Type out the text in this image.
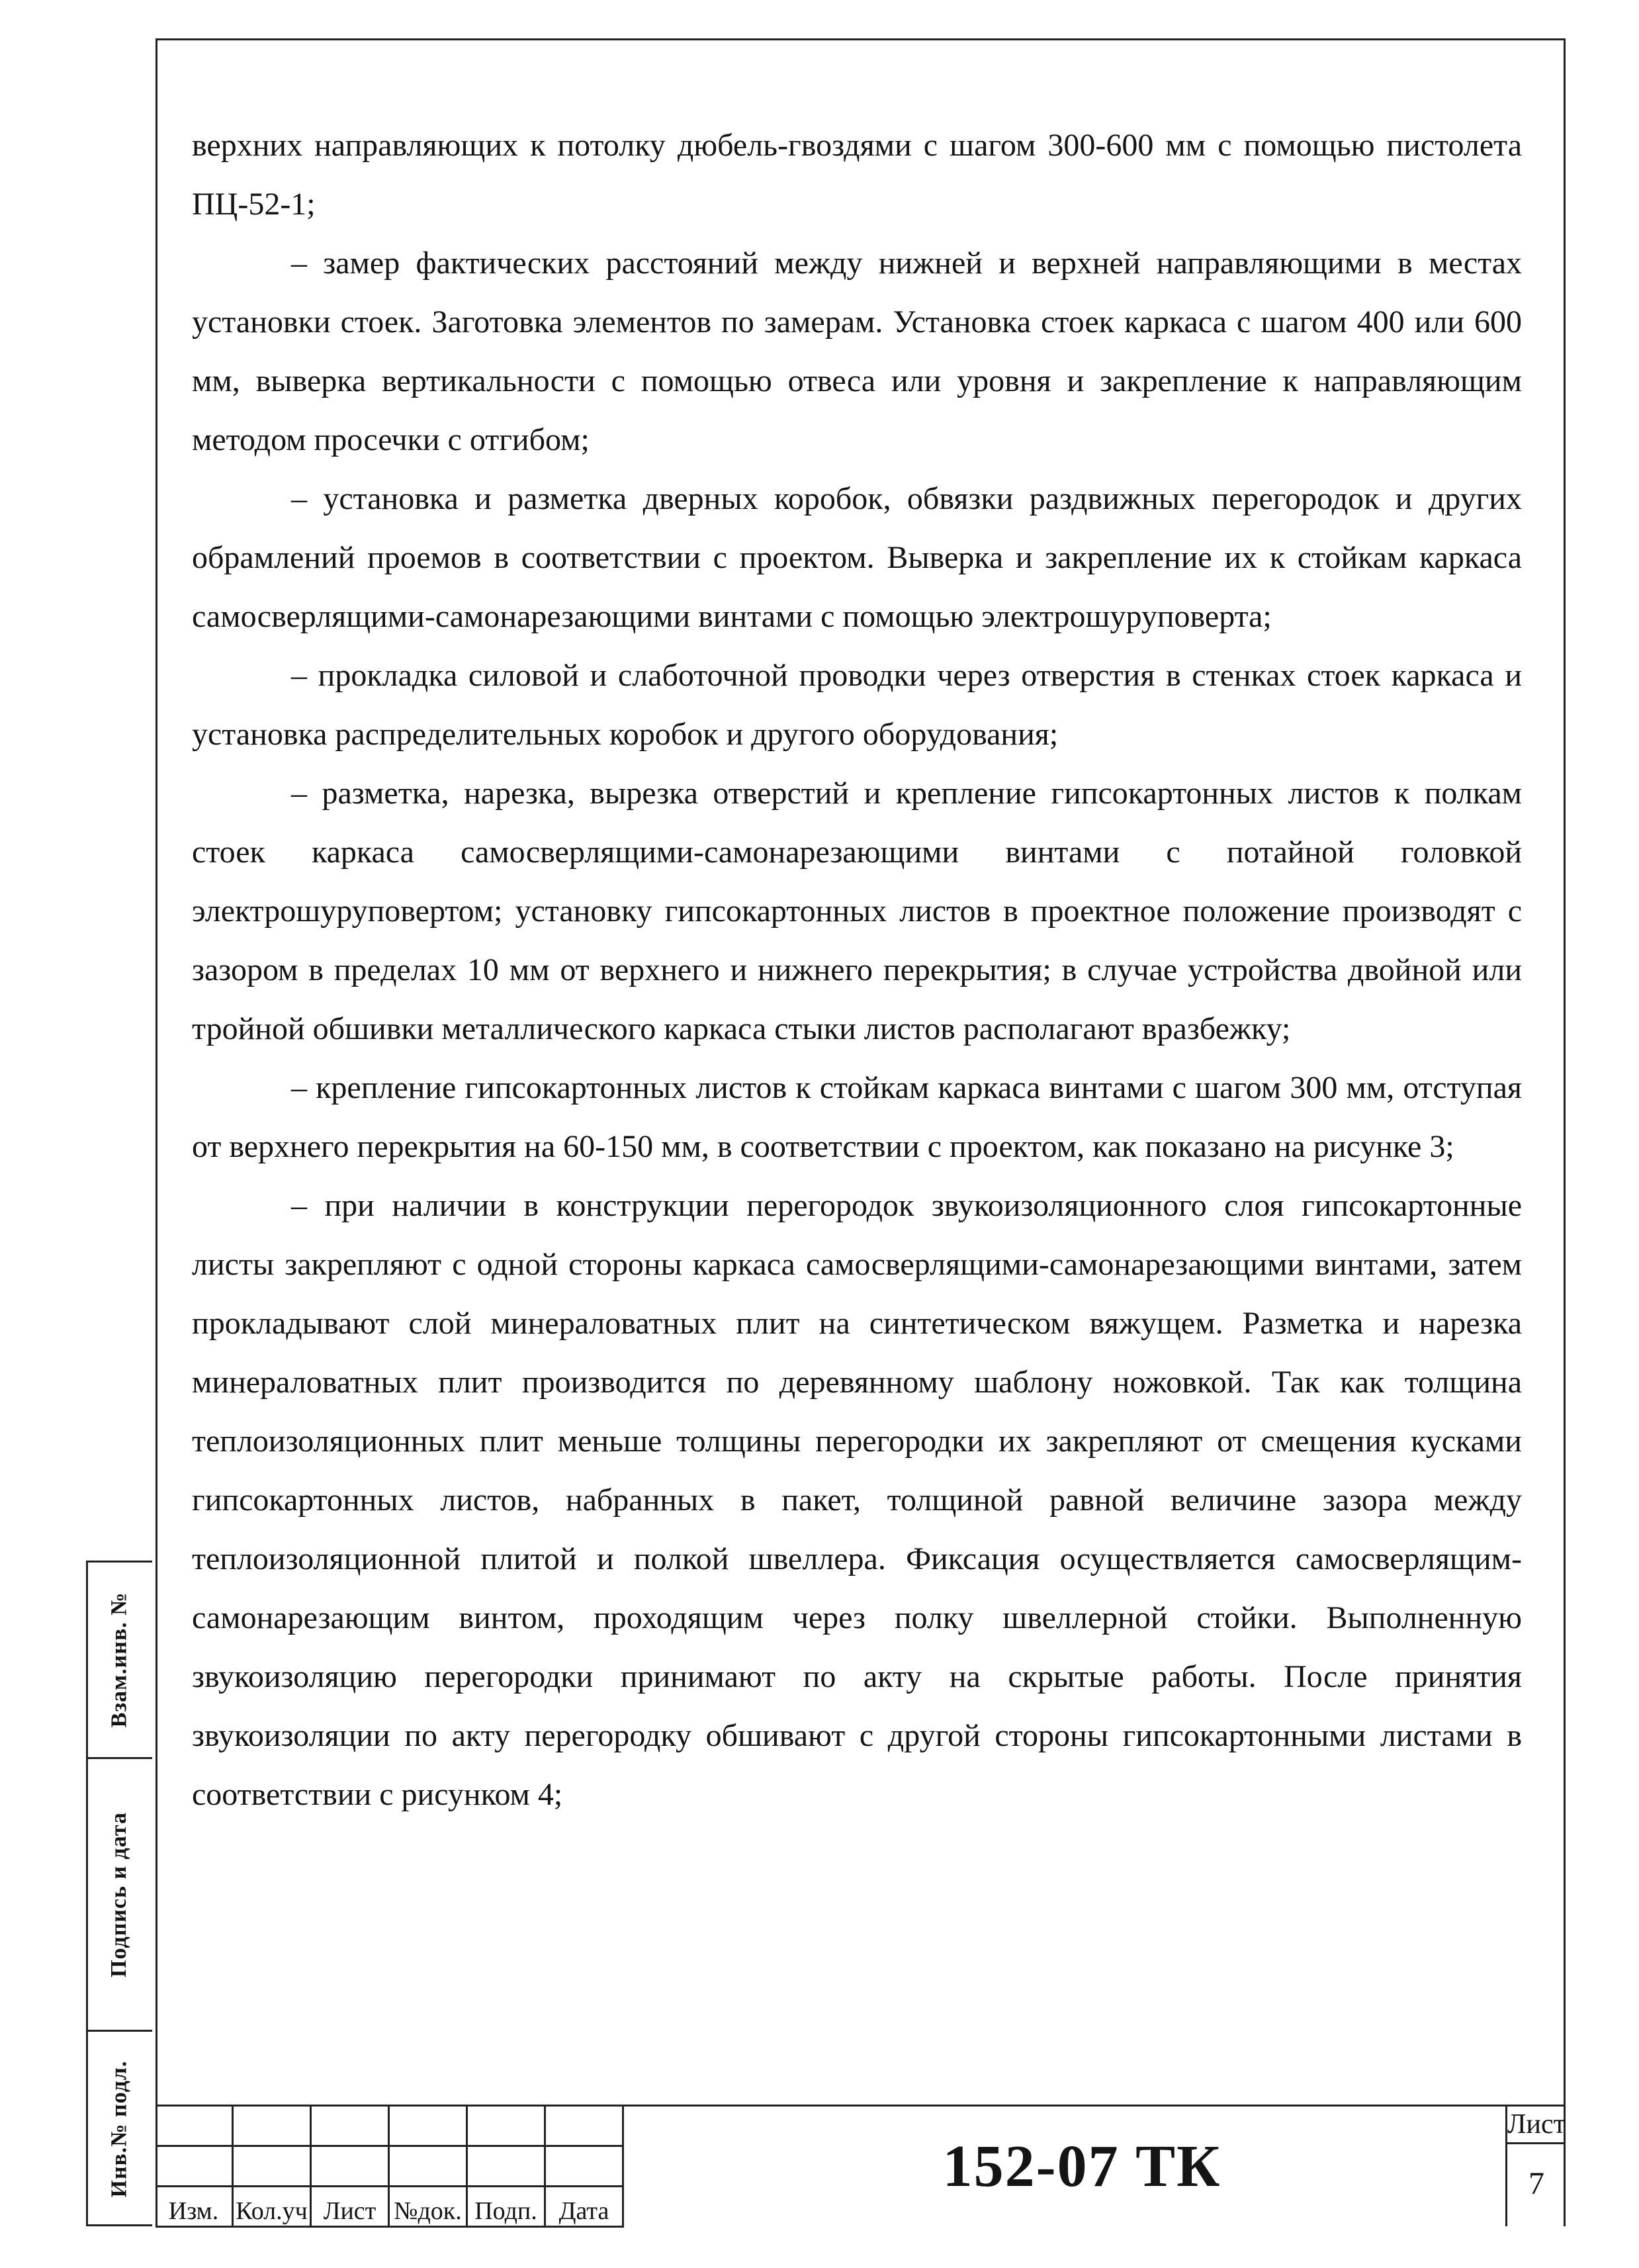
верхних направляющих к потолку дюбель-гвоздями с шагом 300-600 мм с помощью пистолета ПЦ-52-1;

– замер фактических расстояний между нижней и верхней направляющими в местах установки стоек. Заготовка элементов по замерам. Установка стоек каркаса с шагом 400 или 600 мм, выверка вертикальности с помощью отвеса или уровня и закрепление к направляющим методом просечки с отгибом;

– установка и разметка дверных коробок, обвязки раздвижных перегородок и других обрамлений проемов в соответствии с проектом. Выверка и закрепление их к стойкам каркаса самосверлящими-самонарезающими винтами с помощью электрошуруповерта;

– прокладка силовой и слаботочной проводки через отверстия в стенках стоек каркаса и установка распределительных коробок и другого оборудования;

– разметка, нарезка, вырезка отверстий и крепление гипсокартонных листов к полкам стоек каркаса самосверлящими-самонарезающими винтами с потайной головкой электрошуруповертом; установку гипсокартонных листов в проектное положение производят с зазором в пределах 10 мм от верхнего и нижнего перекрытия; в случае устройства двойной или тройной обшивки металлического каркаса стыки листов располагают вразбежку;

– крепление гипсокартонных листов к стойкам каркаса винтами с шагом 300 мм, отступая от верхнего перекрытия на 60-150 мм, в соответствии с проектом, как показано на рисунке 3;

– при наличии в конструкции перегородок звукоизоляционного слоя гипсокартонные листы закрепляют с одной стороны каркаса самосверлящими-самонарезающими винтами, затем прокладывают слой минераловатных плит на синтетическом вяжущем. Разметка и нарезка минераловатных плит производится по деревянному шаблону ножовкой. Так как толщина теплоизоляционных плит меньше толщины перегородки их закрепляют от смещения кусками гипсокартонных листов, набранных в пакет, толщиной равной величине зазора между теплоизоляционной плитой и полкой швеллера. Фиксация осуществляется самосверлящим-самонарезающим винтом, проходящим через полку швеллерной стойки. Выполненную звукоизоляцию перегородки принимают по акту на скрытые работы. После принятия звукоизоляции по акту перегородку обшивают с другой стороны гипсокартонными листами в соответствии с рисунком 4;

Взам.инв. №
Подпись и дата
Инв.№ подл.

Изм.	Кол.уч	Лист	№док.	Подп.	Дата
152-07 ТК
Лист
7
